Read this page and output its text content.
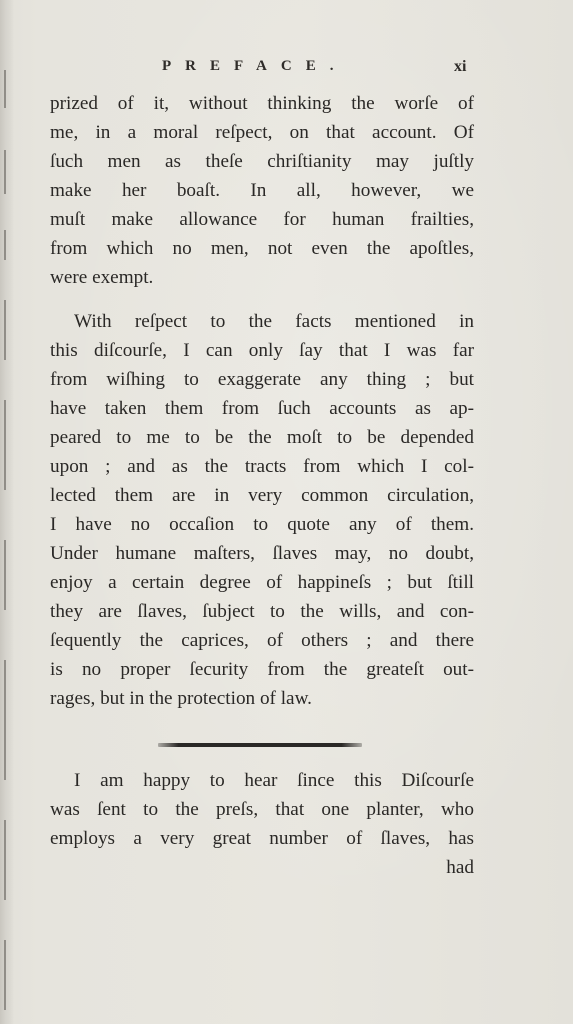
PREFACE.	xi
prized of it, without thinking the worſe of
me, in a moral reſpect, on that account. Of
ſuch men as theſe chriſtianity may juſtly
make her boaſt. In all, however, we
muſt make allowance for human frailties,
from which no men, not even the apoſtles,
were exempt.
With reſpect to the facts mentioned in
this diſcourſe, I can only ſay that I was far
from wiſhing to exaggerate any thing ; but
have taken them from ſuch accounts as ap-
peared to me to be the moſt to be depended
upon ; and as the tracts from which I col-
lected them are in very common circulation,
I have no occaſion to quote any of them.
Under humane maſters, ſlaves may, no doubt,
enjoy a certain degree of happineſs ; but ſtill
they are ſlaves, ſubject to the wills, and con-
ſequently the caprices, of others ; and there
is no proper ſecurity from the greateſt out-
rages, but in the protection of law.
I am happy to hear ſince this Diſcourſe
was ſent to the preſs, that one planter, who
employs a very great number of ſlaves, has
had
